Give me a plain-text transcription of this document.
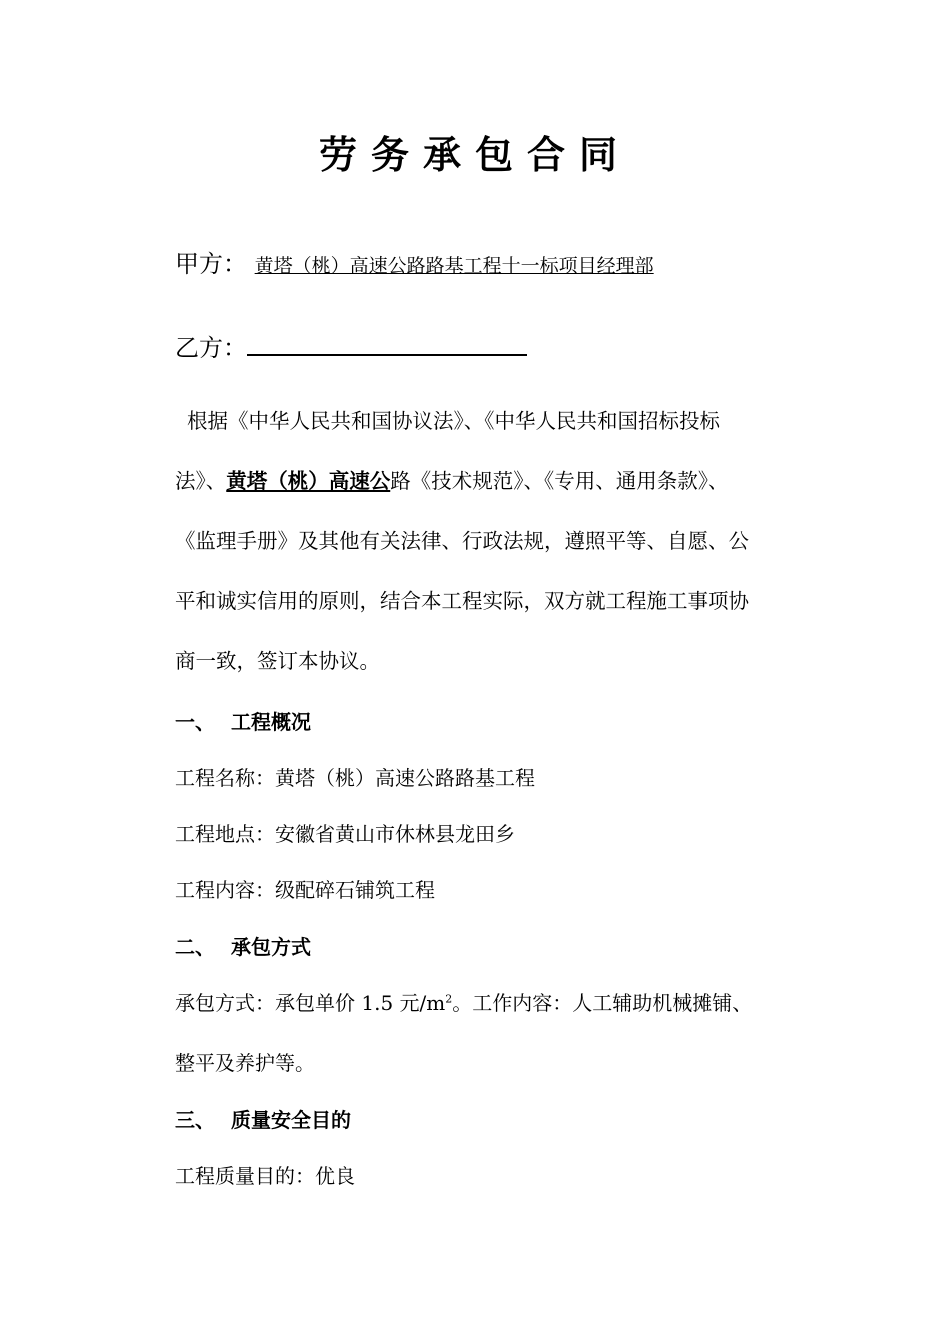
劳务承包合同
甲方： 黄塔（桃）高速公路路基工程十一标项目经理部
乙方：

根据《中华人民共和国协议法》、《中华人民共和国招标投标

法》、黄塔（桃）高速公路《技术规范》、《专用、通用条款》、

《监理手册》及其他有关法律、行政法规，遵照平等、自愿、公

平和诚实信用的原则，结合本工程实际，双方就工程施工事项协

商一致，签订本协议。

一、 工程概况
工程名称：黄塔（桃）高速公路路基工程
工程地点：安徽省黄山市休林县龙田乡
工程内容：级配碎石铺筑工程
二、 承包方式
承包方式：承包单价 1.5 元$/m^2$。工作内容：人工辅助机械摊铺、
整平及养护等。
三、 质量安全目的
工程质量目的：优良
